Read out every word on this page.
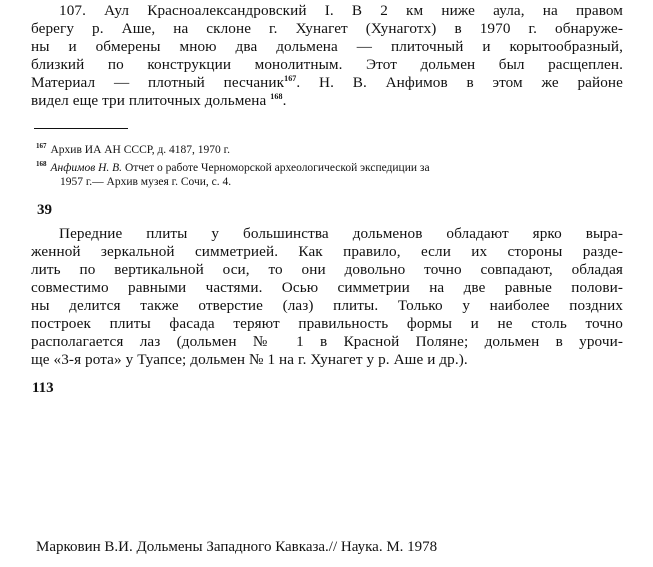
107. Аул Красноалександровский I. В 2 км ниже аула, на правом
берегу р. Аше, на склоне г. Хунагет (Хунаготх) в 1970 г. обнаруже-
ны и обмерены мною два дольмена — плиточный и корытообразный,
близкий по конструкции монолитным. Этот дольмен был расщеплен.
Материал — плотный песчаник$^{167}$. Н. В. Анфимов в этом же районе
видел еще три плиточных дольмена $^{168}$.
$^{167}$ Архив ИА АН СССР, д. 4187, 1970 г.
$^{168}$ Анфимов Н. В. Отчет о работе Черноморской археологической экспедиции за
1957 г.— Архив музея г. Сочи, с. 4.
39
Передние плиты у большинства дольменов обладают ярко выра-
женной зеркальной симметрией. Как правило, если их стороны разде-
лить по вертикальной оси, то они довольно точно совпадают, обладая
совместимо равными частями. Осью симметрии на две равные полови-
ны делится также отверстие (лаз) плиты. Только у наиболее поздних
построек плиты фасада теряют правильность формы и не столь точно
располагается лаз (дольмен № 1 в Красной Поляне; дольмен в урочи-
ще «3-я рота» у Туапсе; дольмен № 1 на г. Хунагет у р. Аше и др.).
113
Марковин В.И. Дольмены Западного Кавказа.// Наука. М. 1978
